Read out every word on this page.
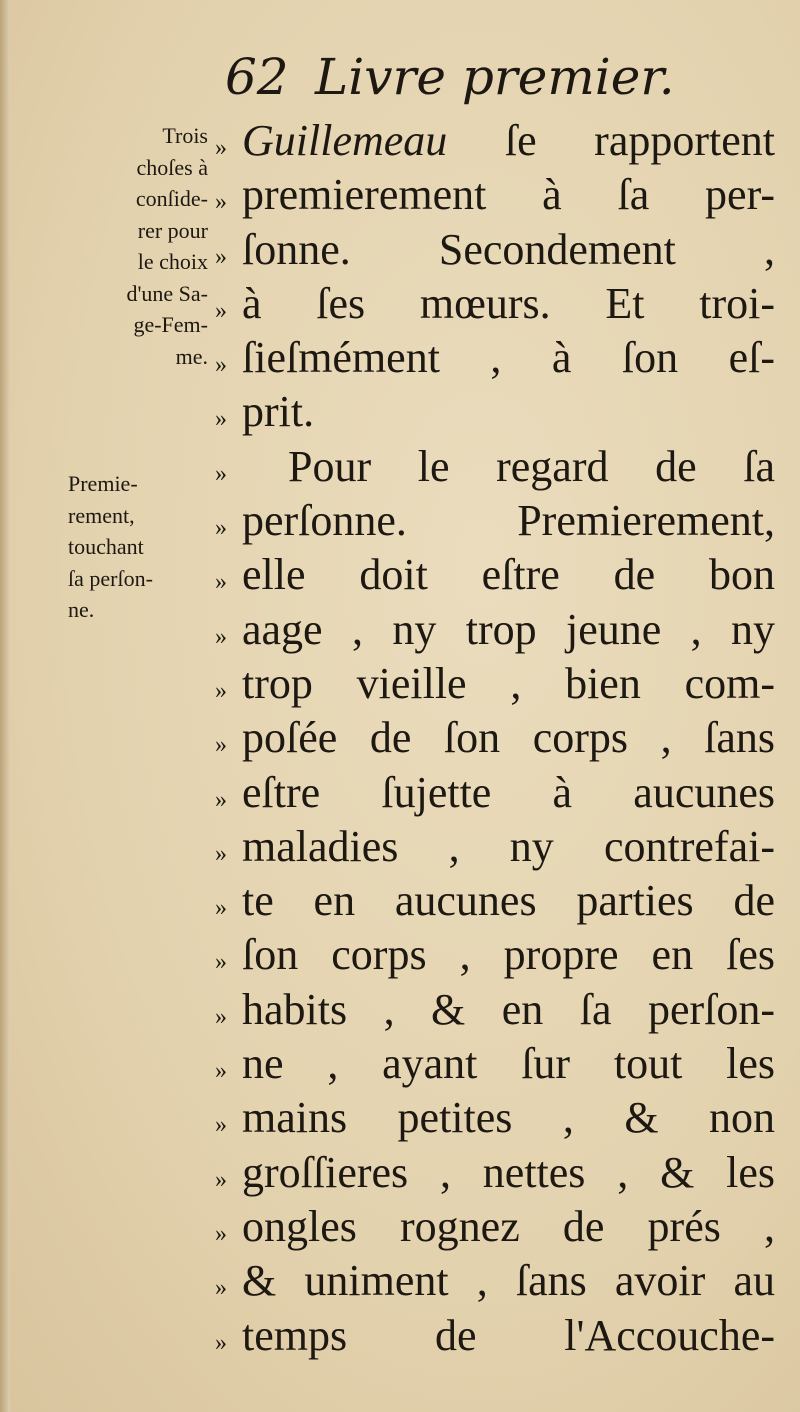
62 Livre premier.
Trois
choſes à
conſide-
rer pour
le choix
d'une Sa-
ge-Fem-
me.
Premie-
rement,
touchant
ſa perſon-
ne.
» Guillemeau ſe rapportent
» premierement à ſa per-
» ſonne. Secondement ,
» à ſes mœurs. Et troi-
» ſieſmément , à ſon eſ-
» prit.
»	Pour le regard de ſa
» perſonne. Premierement,
» elle doit eſtre de bon
» aage , ny trop jeune , ny
» trop vieille , bien com-
» poſée de ſon corps , ſans
» eſtre ſujette à aucunes
» maladies , ny contrefai-
» te en aucunes parties de
» ſon corps , propre en ſes
» habits , & en ſa perſon-
» ne , ayant ſur tout les
» mains petites , & non
» groſſieres , nettes , & les
» ongles rognez de prés ,
» & uniment , ſans avoir au
» temps de l'Accouche-
